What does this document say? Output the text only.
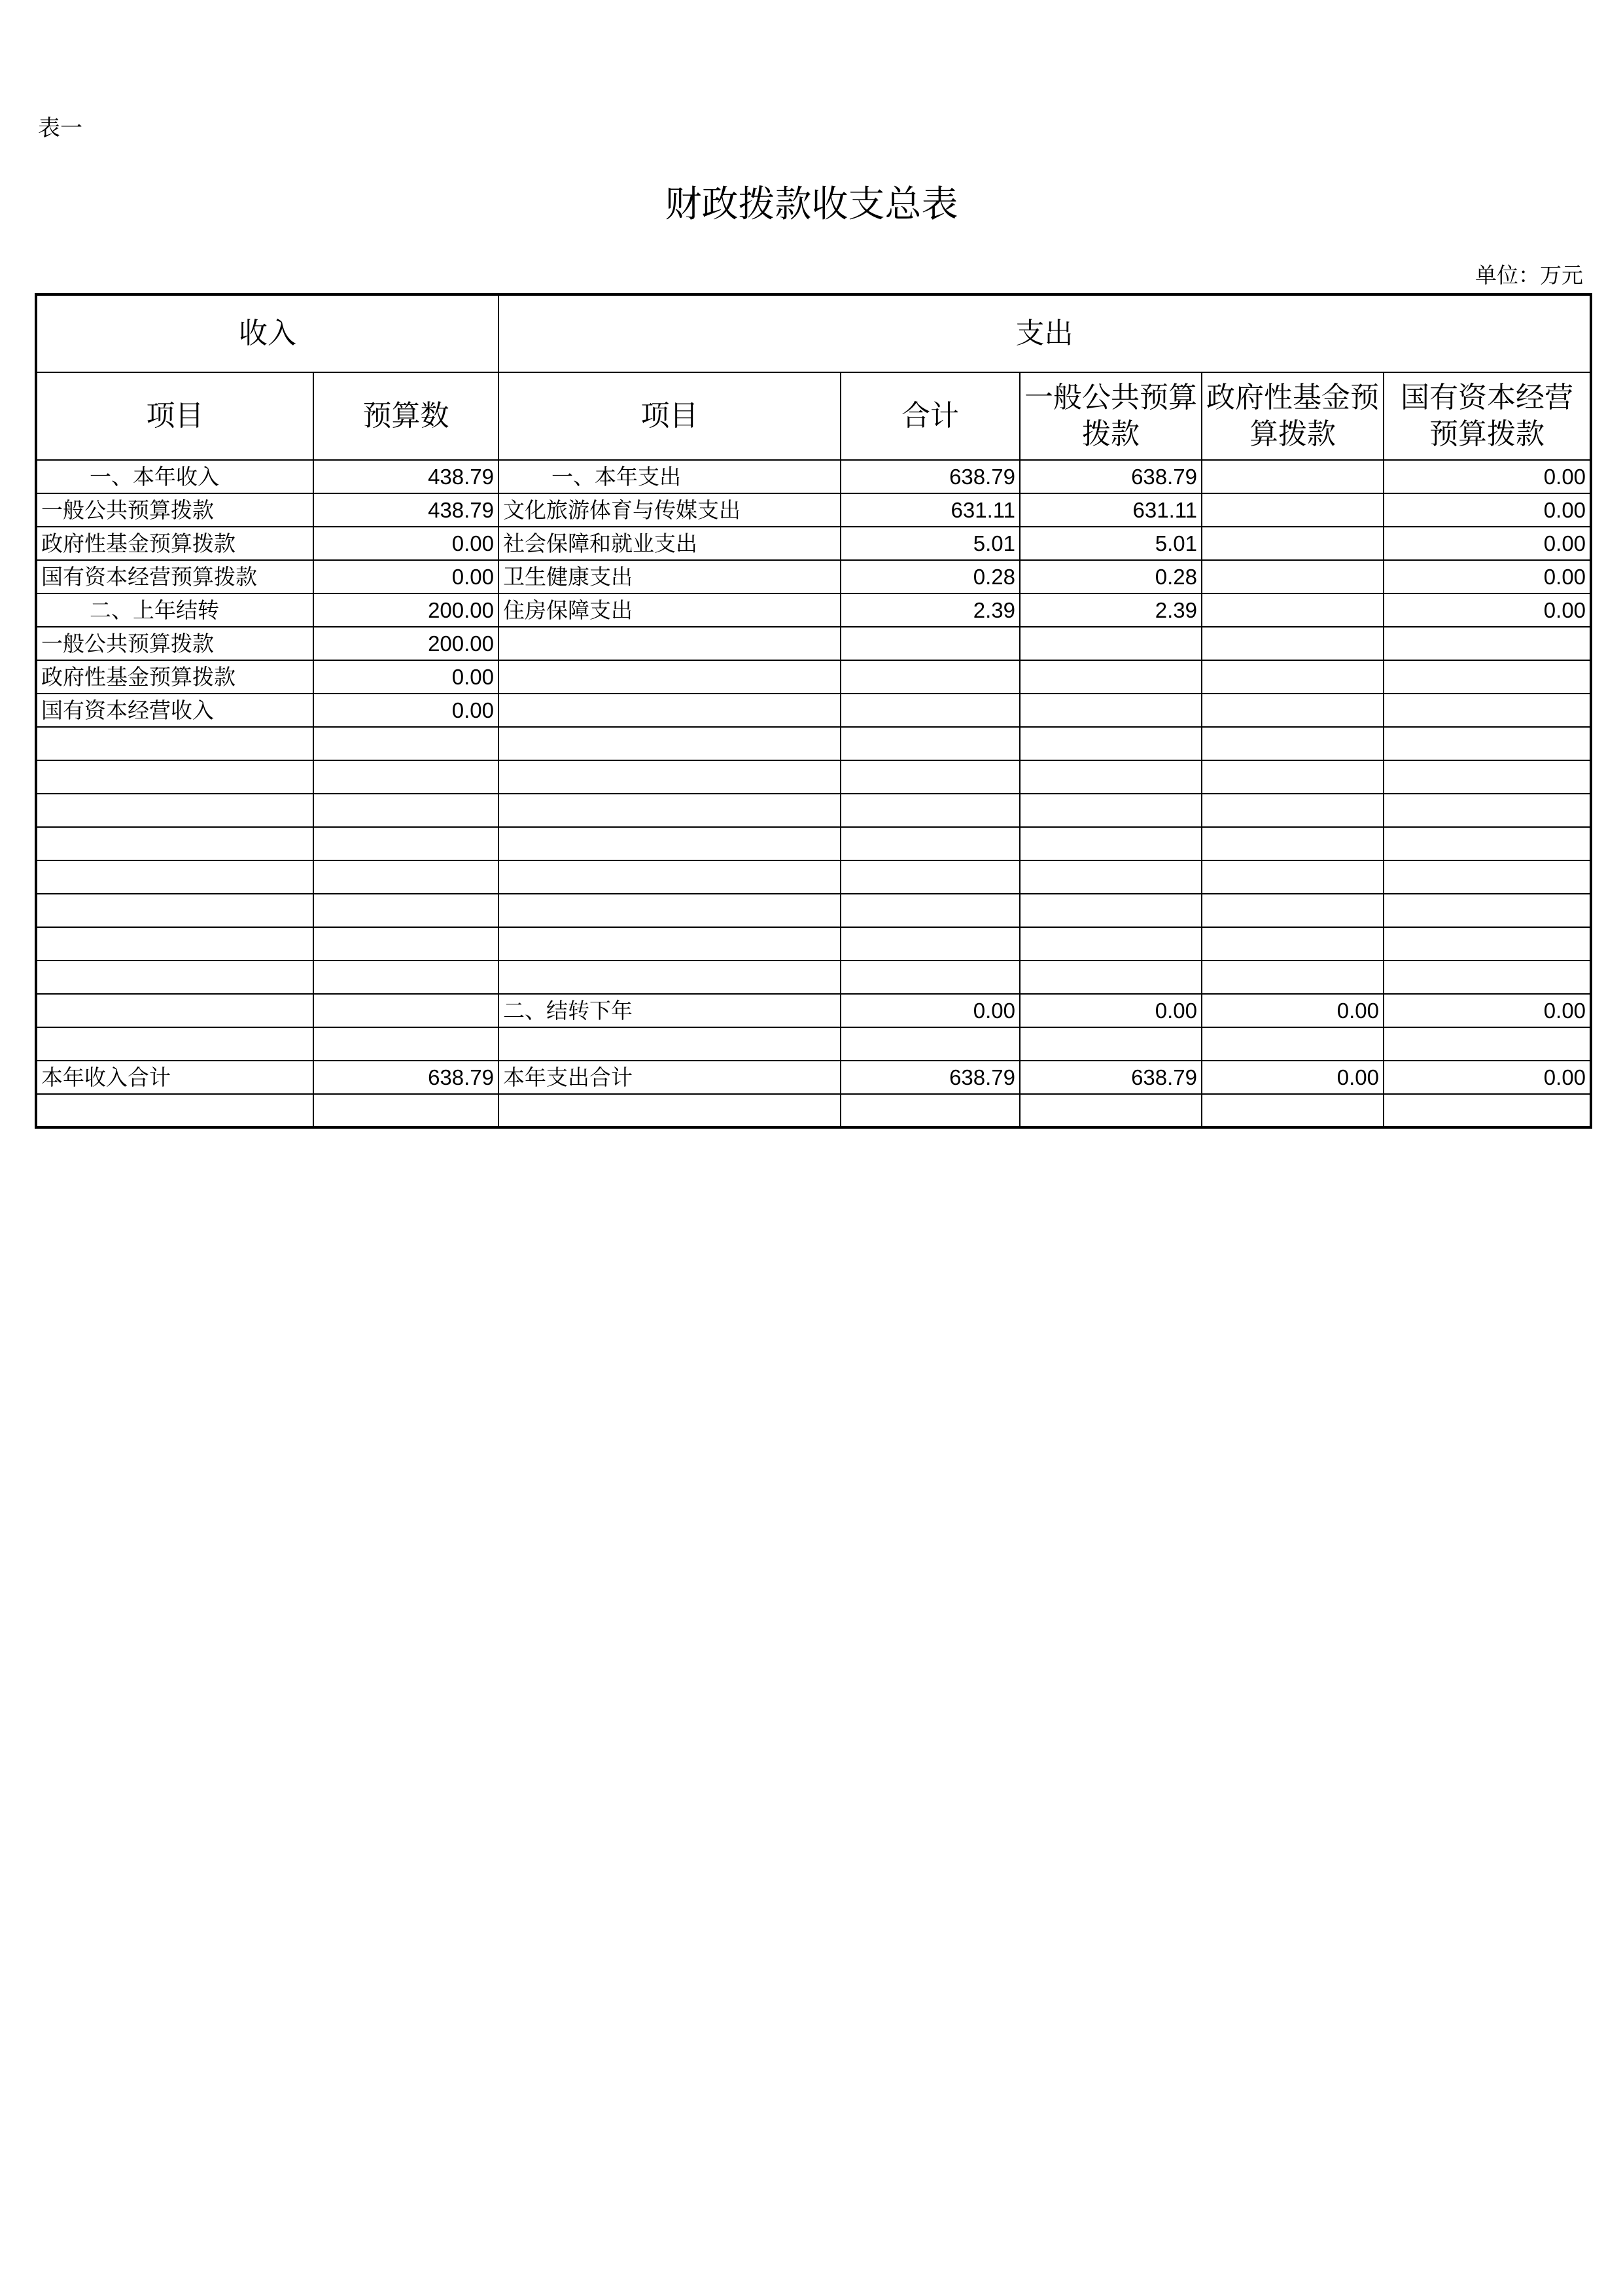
表一
财政拨款收支总表
单位：万元
收入		支出				
项目	预算数	项目	合计	一般公共预算拨款	政府性基金预算拨款	国有资本经营预算拨款
一、本年收入	438.79	一、本年支出	638.79	638.79		0.00
一般公共预算拨款	438.79	文化旅游体育与传媒支出	631.11	631.11		0.00
政府性基金预算拨款	0.00	社会保障和就业支出	5.01	5.01		0.00
国有资本经营预算拨款	0.00	卫生健康支出	0.28	0.28		0.00
二、上年结转	200.00	住房保障支出	2.39	2.39		0.00
一般公共预算拨款	200.00					
政府性基金预算拨款	0.00					
国有资本经营收入	0.00					

		二、结转下年	0.00	0.00	0.00	0.00

本年收入合计	638.79	本年支出合计	638.79	638.79	0.00	0.00
